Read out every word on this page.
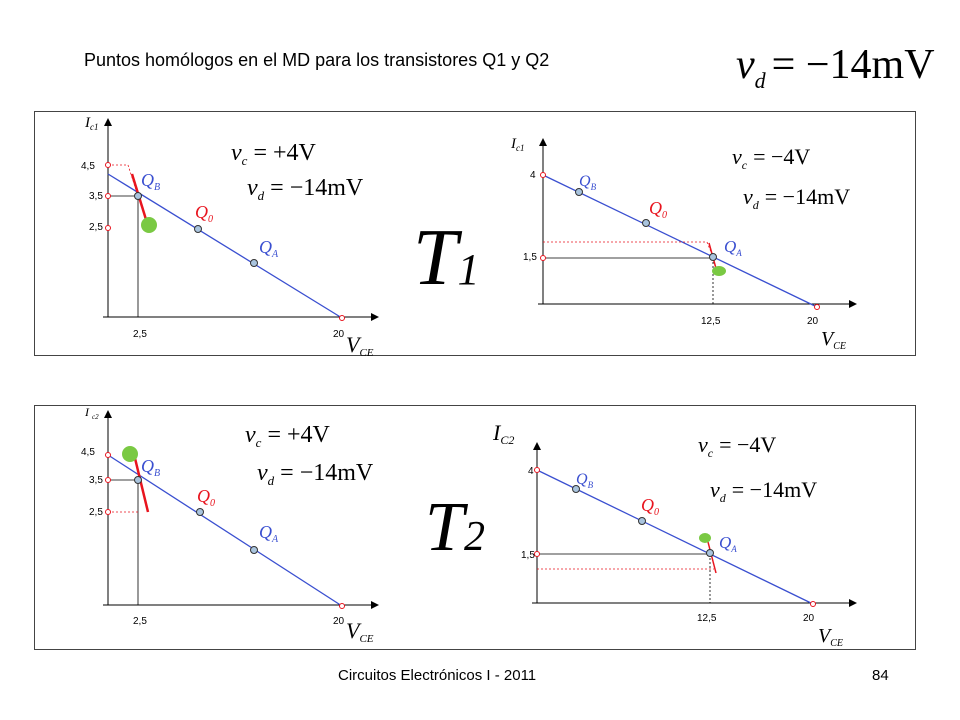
Puntos homólogos en el MD para los transistores Q1 y Q2	$v_d = -14mV$
$I_{c1}$
4,5
3,5
2,5
2,5	20 VCE
$Q_B$
$Q_0$
$Q_A$
$v_c = +4V$
$v_d = -14mV$
T1
$I_{c1}$
4
1,5
12,5	20
$V_{CE}$
$Q_B$
$Q_0$
$Q_A$
$v_c = -4V$
$v_d = -14mV$
I $_{c2}$
4,5
3,5
2,5
2,5	20 VCE
$Q_B$
$Q_0$
$Q_A$
$v_c = +4V$
$v_d = -14mV$
T2
IC2
4
1,5
12,5	20
$V_{CE}$
$Q_B$
$Q_0$
$Q_A$
$v_c = -4V$
$v_d = -14mV$
Circuitos Electrónicos I - 2011	84
